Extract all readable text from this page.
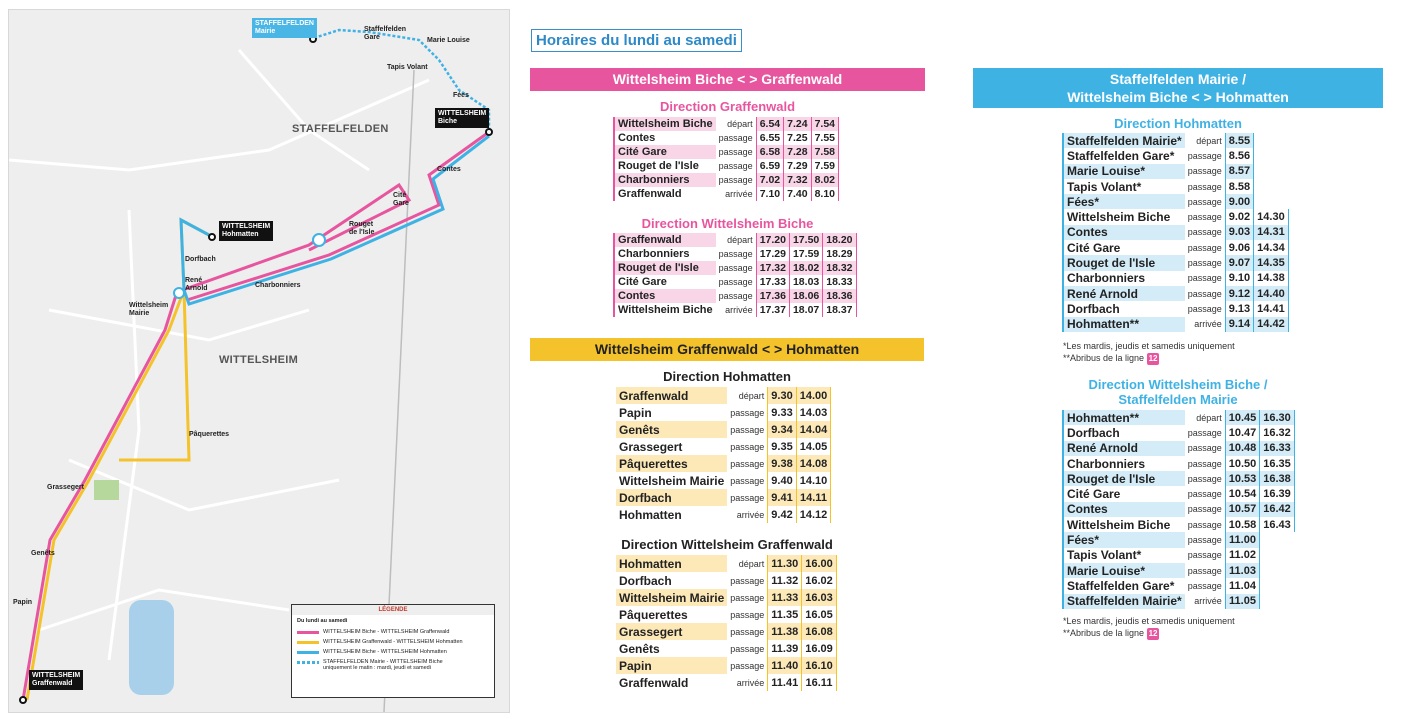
STAFFELFELDEN
WITTELSHEIM
STAFFELFELDEN
Mairie
WITTELSHEIM
Biche
WITTELSHEIM
Hohmatten
WITTELSHEIM
Graffenwald
Staffelfelden
Gare	Marie Louise
Tapis Volant
Fées
Contes
Cité
Gare
Rouget
de l'Isle
Charbonniers
Dorfbach
René
Arnold
Wittelsheim
Mairie
Pâquerettes
Grassegert
Genêts
Papin
LÉGENDE
Du lundi au samedi
WITTELSHEIM Biche - WITTELSHEIM Graffenwald
WITTELSHEIM Graffenwald - WITTELSHEIM Hohmatten
WITTELSHEIM Biche - WITTELSHEIM Hohmatten
STAFFELFELDEN Mairie - WITTELSHEIM Biche
uniquement le matin : mardi, jeudi et samedi
Horaires du lundi au samedi
Wittelsheim Biche < > Graffenwald
Direction Graffenwald
Wittelsheim Biche	départ	6.54	7.24	7.54
Contes	passage	6.55	7.25	7.55
Cité Gare	passage	6.58	7.28	7.58
Rouget de l'Isle	passage	6.59	7.29	7.59
Charbonniers	passage	7.02	7.32	8.02
Graffenwald	arrivée	7.10	7.40	8.10
Direction Wittelsheim Biche
Graffenwald	départ	17.20	17.50	18.20
Charbonniers	passage	17.29	17.59	18.29
Rouget de l'Isle	passage	17.32	18.02	18.32
Cité Gare	passage	17.33	18.03	18.33
Contes	passage	17.36	18.06	18.36
Wittelsheim Biche	arrivée	17.37	18.07	18.37
Wittelsheim Graffenwald < > Hohmatten
Direction Hohmatten
Graffenwald	départ	9.30	14.00
Papin	passage	9.33	14.03
Genêts	passage	9.34	14.04
Grassegert	passage	9.35	14.05
Pâquerettes	passage	9.38	14.08
Wittelsheim Mairie	passage	9.40	14.10
Dorfbach	passage	9.41	14.11
Hohmatten	arrivée	9.42	14.12
Direction Wittelsheim Graffenwald
Hohmatten	départ	11.30	16.00
Dorfbach	passage	11.32	16.02
Wittelsheim Mairie	passage	11.33	16.03
Pâquerettes	passage	11.35	16.05
Grassegert	passage	11.38	16.08
Genêts	passage	11.39	16.09
Papin	passage	11.40	16.10
Graffenwald	arrivée	11.41	16.11
Staffelfelden Mairie /
Wittelsheim Biche < > Hohmatten
Direction Hohmatten
Staffelfelden Mairie*	départ	8.55	
Staffelfelden Gare*	passage	8.56	
Marie Louise*	passage	8.57	
Tapis Volant*	passage	8.58	
Fées*	passage	9.00	
Wittelsheim Biche	passage	9.02	14.30
Contes	passage	9.03	14.31
Cité Gare	passage	9.06	14.34
Rouget de l'Isle	passage	9.07	14.35
Charbonniers	passage	9.10	14.38
René Arnold	passage	9.12	14.40
Dorfbach	passage	9.13	14.41
Hohmatten**	arrivée	9.14	14.42
*Les mardis, jeudis et samedis uniquement
**Abribus de la ligne 12
Direction Wittelsheim Biche /
Staffelfelden Mairie
Hohmatten**	départ	10.45	16.30
Dorfbach	passage	10.47	16.32
René Arnold	passage	10.48	16.33
Charbonniers	passage	10.50	16.35
Rouget de l'Isle	passage	10.53	16.38
Cité Gare	passage	10.54	16.39
Contes	passage	10.57	16.42
Wittelsheim Biche	passage	10.58	16.43
Fées*	passage	11.00	
Tapis Volant*	passage	11.02	
Marie Louise*	passage	11.03	
Staffelfelden Gare*	passage	11.04	
Staffelfelden Mairie*	arrivée	11.05	
*Les mardis, jeudis et samedis uniquement
**Abribus de la ligne 12
